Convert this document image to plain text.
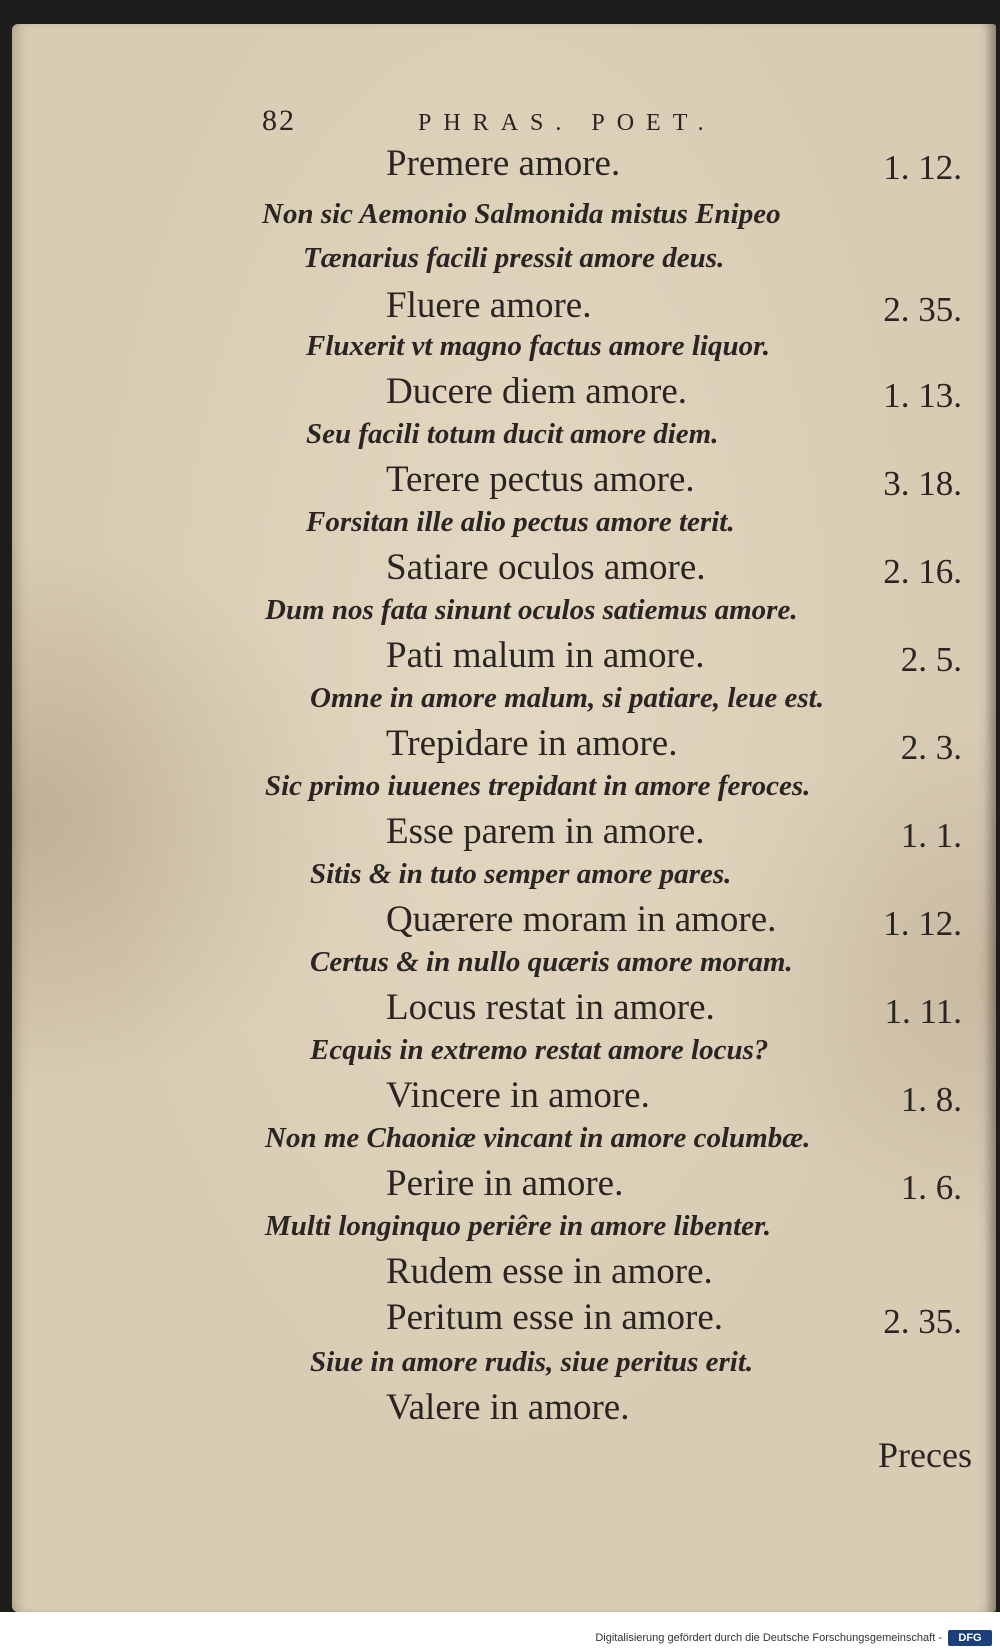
82	PHRAS. POET.
Premere amore.	1. 12.
Non sic Aemonio Salmonida mistus Enipeo
Tænarius facili pressit amore deus.
Fluere amore.	2. 35.
Fluxerit vt magno factus amore liquor.
Ducere diem amore.	1. 13.
Seu facili totum ducit amore diem.
Terere pectus amore.	3. 18.
Forsitan ille alio pectus amore terit.
Satiare oculos amore.	2. 16.
Dum nos fata sinunt oculos satiemus amore.
Pati malum in amore.	2. 5.
Omne in amore malum, si patiare, leue est.
Trepidare in amore.	2. 3.
Sic primo iuuenes trepidant in amore feroces.
Esse parem in amore.	1. 1.
Sitis & in tuto semper amore pares.
Quærere moram in amore.	1. 12.
Certus & in nullo quæris amore moram.
Locus restat in amore.	1. 11.
Ecquis in extremo restat amore locus?
Vincere in amore.	1. 8.
Non me Chaoniæ vincant in amore columbæ.
Perire in amore.	1. 6.
Multi longinquo periêre in amore libenter.
Rudem esse in amore.
Peritum esse in amore.	2. 35.
Siue in amore rudis, siue peritus erit.
Valere in amore.
Preces
Digitalisierung gefördert durch die Deutsche Forschungsgemeinschaft -	DFG
